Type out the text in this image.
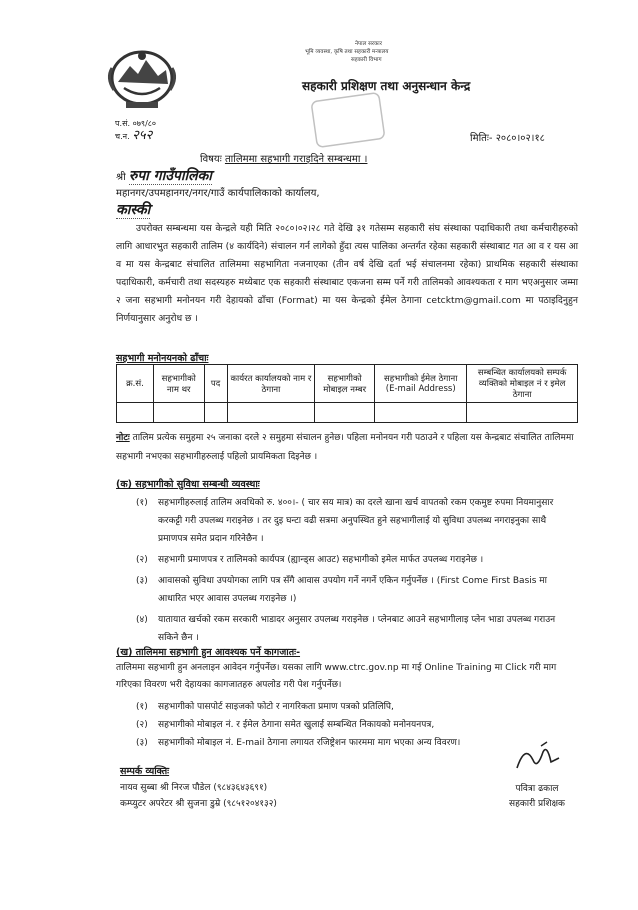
नेपाल सरकार
भूमि व्यवस्था, कृषि तथा सहकारी मन्त्रालय
सहकारी विभाग
सहकारी प्रशिक्षण तथा अनुसन्धान केन्द्र
प.सं. ०७९/८०
च.न. २५२	मितिः- २०८०।०२।१८
विषयः तालिममा सहभागी गराइदिने सम्बन्धमा ।
श्री रुपा गाउँपालिका
महानगर/उपमहानगर/नगर/गाउँ कार्यपालिकाको कार्यालय,
कास्की
उपरोक्त सम्बन्धमा यस केन्द्रले यही मिति २०८०।०२।२८ गते देखि ३१ गतेसम्म सहकारी संघ संस्थाका पदाधिकारी तथा कर्मचारीहरुको लागि आधारभुत सहकारी तालिम (४ कार्यदिने) संचालन गर्न लागेको हुँदा त्यस पालिका अन्तर्गत रहेका सहकारी संस्थाबाट गत आ व र यस आ व मा यस केन्द्रबाट संचालित तालिममा सहभागिता नजनाएका (तीन वर्ष देखि दर्ता भई संचालनमा रहेका) प्राथमिक सहकारी संस्थाका पदाधिकारी, कर्मचारी तथा सदस्यहरु मध्येबाट एक सहकारी संस्थाबाट एकजना सम्म पर्ने गरी तालिमको आवश्यकता र माग भएअनुसार जम्मा २ जना सहभागी मनोनयन गरी देहायको ढाँचा (Format) मा यस केन्द्रको ईमेल ठेगाना cetcktm@gmail.com मा पठाइदिनुहुन निर्णयानुसार अनुरोध छ ।
सहभागी मनोनयनको ढाँचाः
क्र.सं.	सहभागीको नाम थर	पद	कार्यरत कार्यालयको नाम र ठेगाना	सहभागीको मोबाइल नम्बर	सहभागीको ईमेल ठेगाना (E-mail Address)	सम्बन्धित कार्यालयको सम्पर्क व्यक्तिको मोबाइल नं र इमेल ठेगाना

नोटः तालिम प्रत्येक समुहमा २५ जनाका दरले २ समुहमा संचालन हुनेछ। पहिला मनोनयन गरी पठाउने र पहिला यस केन्द्रबाट संचालित तालिममा सहभागी नभएका सहभागीहरुलाई पहिलो प्रायमिकता दिइनेछ ।
(क) सहभागीको सुविधा सम्बन्धी व्यवस्थाः
(१) सहभागीहरुलाई तालिम अवधिको रु. ४००।- ( चार सय मात्र) का दरले खाना खर्च वापतको रकम एकमुष्ट रुपमा नियमानुसार करकट्टी गरी उपलब्ध गराइनेछ । तर दुइ घन्टा वढी सत्रमा अनुपस्थित हुने सहभागीलाई यो सुविधा उपलब्ध नगराइनुका साथै प्रमाणपत्र समेत प्रदान गरिनेछैन ।
(२) सहभागी प्रमाणपत्र र तालिमको कार्यपत्र (ह्यान्ड्स आउट) सहभागीको इमेल मार्फत उपलब्ध गराइनेछ ।
(३) आवासको सुविधा उपयोगका लागि पत्र सँगै आवास उपयोग गर्ने नगर्ने एकिन गर्नुपर्नेछ । (First Come First Basis मा आधारित भएर आवास उपलब्ध गराइनेछ ।)
(४) यातायात खर्चको रकम सरकारी भाडादर अनुसार उपलब्ध गराइनेछ । प्लेनबाट आउने सहभागीलाइ प्लेन भाडा उपलब्ध गराउन सकिने छैन ।
(ख) तालिममा सहभागी हुन आवश्यक पर्ने कागजातः-
तालिममा सहभागी हुन अनलाइन आवेदन गर्नुपर्नेछ। यसका लागि www.ctrc.gov.np मा गई Online Training मा Click गरी माग गरिएका विवरण भरी देहायका कागजातहरु अपलोड गरी पेश गर्नुपर्नेछ।
(१) सहभागीको पासपोर्ट साइजको फोटो र नागरिकता प्रमाण पत्रको प्रतिलिपि,
(२) सहभागीको मोबाइल नं. र ईमेल ठेगाना समेत खुलाई सम्बन्धित निकायको मनोनयनपत्र,
(३) सहभागीको मोबाइल नं. E-mail ठेगाना लगायत रजिष्ट्रेशन फारममा माग भएका अन्य विवरण।
सम्पर्क व्यक्तिः
नायव सुब्बा श्री निरज पौडेल (९८४३६४३६९१)
कम्प्युटर अपरेटर श्री सुजना डुम्रे (९८५१२०४१३२)
पवित्रा ढकाल
सहकारी प्रशिक्षक
